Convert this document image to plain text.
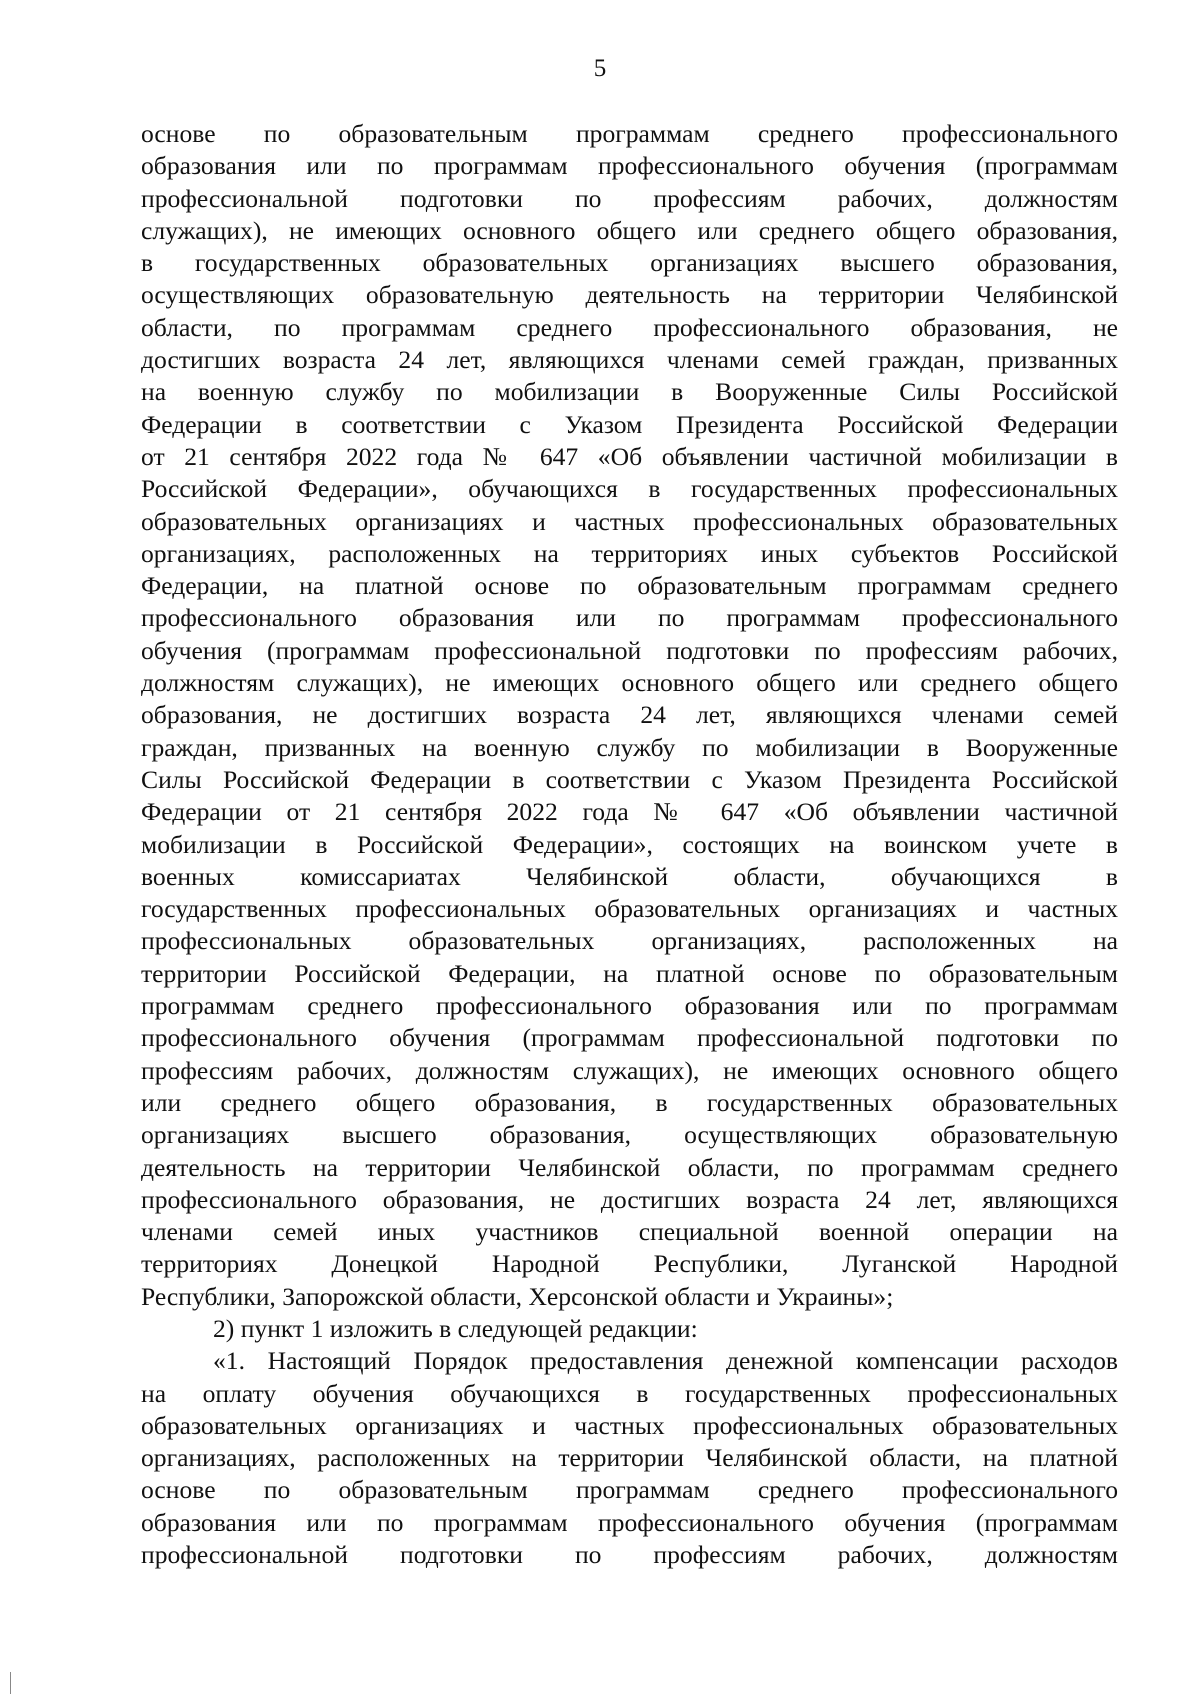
5
основе по образовательным программам среднего профессионального
образования или по программам профессионального обучения (программам
профессиональной подготовки по профессиям рабочих, должностям
служащих), не имеющих основного общего или среднего общего образования,
в государственных образовательных организациях высшего образования,
осуществляющих образовательную деятельность на территории Челябинской
области, по программам среднего профессионального образования, не
достигших возраста 24 лет, являющихся членами семей граждан, призванных
на военную службу по мобилизации в Вооруженные Силы Российской
Федерации в соответствии с Указом Президента Российской Федерации
от 21 сентября 2022 года № 647 «Об объявлении частичной мобилизации в
Российской Федерации», обучающихся в государственных профессиональных
образовательных организациях и частных профессиональных образовательных
организациях, расположенных на территориях иных субъектов Российской
Федерации, на платной основе по образовательным программам среднего
профессионального образования или по программам профессионального
обучения (программам профессиональной подготовки по профессиям рабочих,
должностям служащих), не имеющих основного общего или среднего общего
образования, не достигших возраста 24 лет, являющихся членами семей
граждан, призванных на военную службу по мобилизации в Вооруженные
Силы Российской Федерации в соответствии с Указом Президента Российской
Федерации от 21 сентября 2022 года № 647 «Об объявлении частичной
мобилизации в Российской Федерации», состоящих на воинском учете в
военных комиссариатах Челябинской области, обучающихся в
государственных профессиональных образовательных организациях и частных
профессиональных образовательных организациях, расположенных на
территории Российской Федерации, на платной основе по образовательным
программам среднего профессионального образования или по программам
профессионального обучения (программам профессиональной подготовки по
профессиям рабочих, должностям служащих), не имеющих основного общего
или среднего общего образования, в государственных образовательных
организациях высшего образования, осуществляющих образовательную
деятельность на территории Челябинской области, по программам среднего
профессионального образования, не достигших возраста 24 лет, являющихся
членами семей иных участников специальной военной операции на
территориях Донецкой Народной Республики, Луганской Народной
Республики, Запорожской области, Херсонской области и Украины»;
2) пункт 1 изложить в следующей редакции:
«1. Настоящий Порядок предоставления денежной компенсации расходов
на оплату обучения обучающихся в государственных профессиональных
образовательных организациях и частных профессиональных образовательных
организациях, расположенных на территории Челябинской области, на платной
основе по образовательным программам среднего профессионального
образования или по программам профессионального обучения (программам
профессиональной подготовки по профессиям рабочих, должностям
